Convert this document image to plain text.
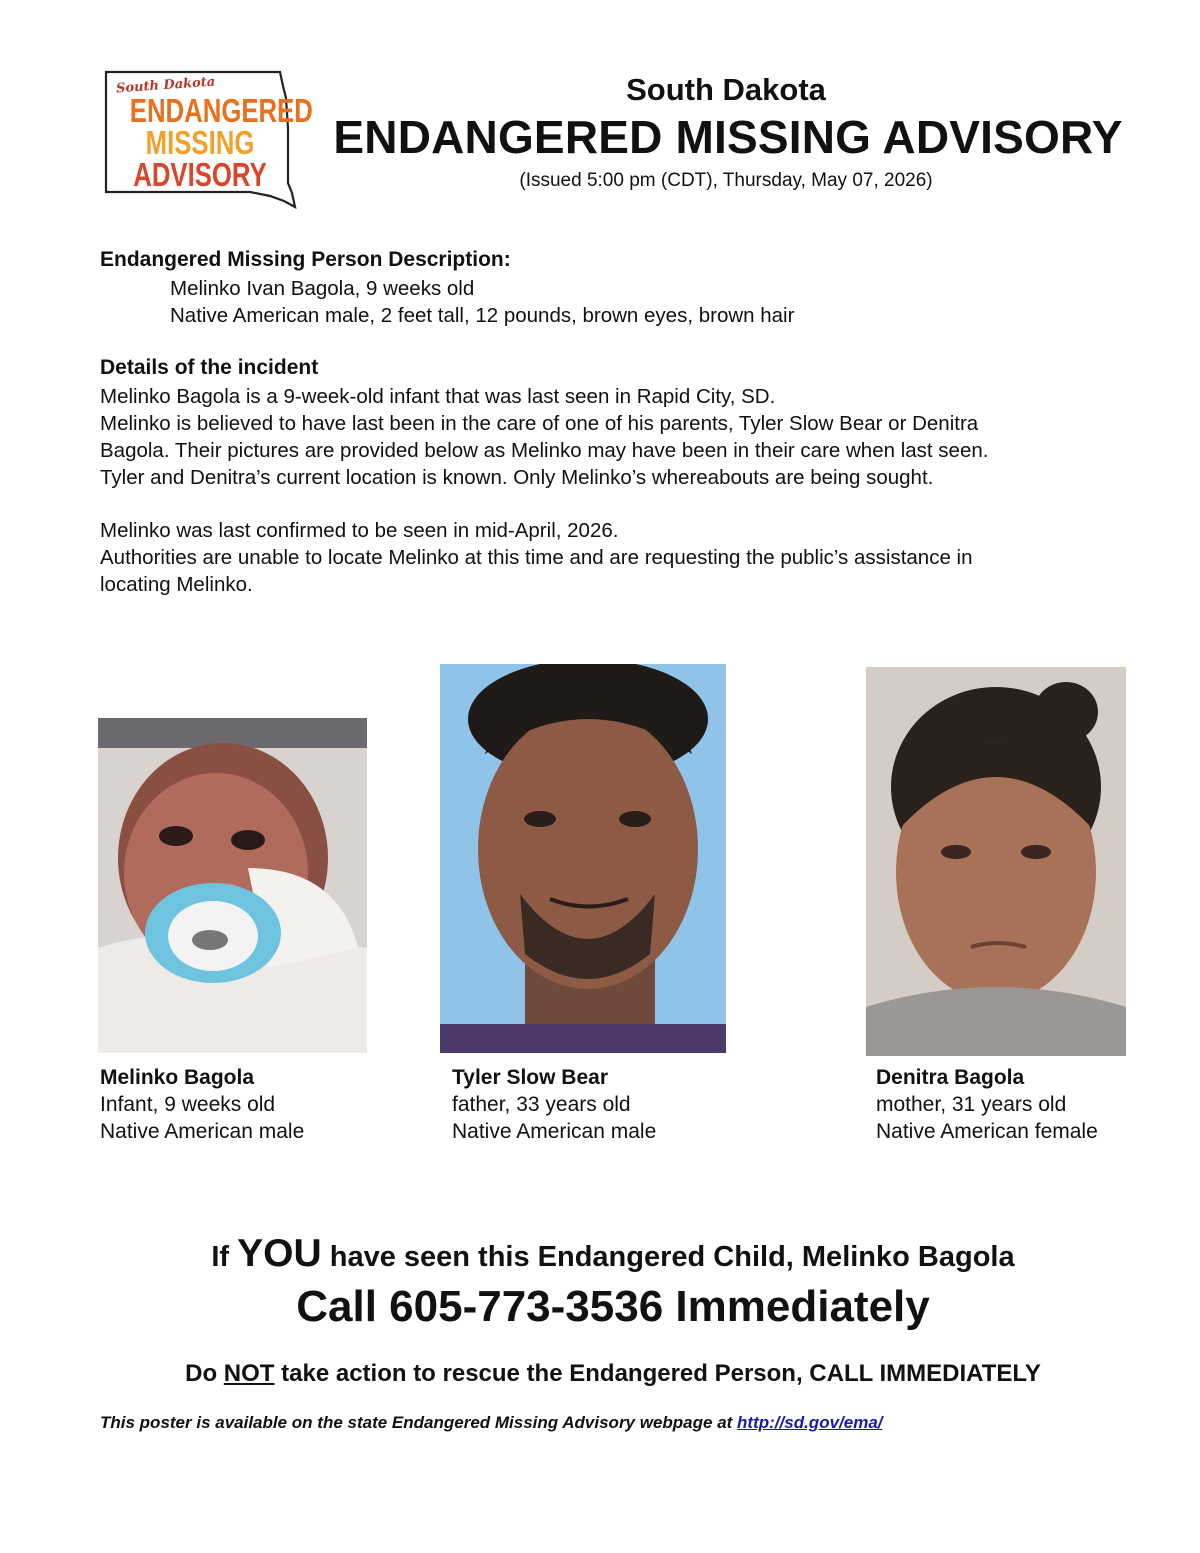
South Dakota
ENDANGERED
MISSING
ADVISORY
South Dakota
ENDANGERED MISSING ADVISORY
(Issued 5:00 pm (CDT), Thursday, May 07, 2026)
Endangered Missing Person Description:
Melinko Ivan Bagola, 9 weeks old
Native American male, 2 feet tall, 12 pounds, brown eyes, brown hair
Details of the incident
Melinko Bagola is a 9-week-old infant that was last seen in Rapid City, SD.
Melinko is believed to have last been in the care of one of his parents, Tyler Slow Bear or Denitra
Bagola. Their pictures are provided below as Melinko may have been in their care when last seen.
Tyler and Denitra’s current location is known. Only Melinko’s whereabouts are being sought.
Melinko was last confirmed to be seen in mid-April, 2026.
Authorities are unable to locate Melinko at this time and are requesting the public’s assistance in
locating Melinko.
Melinko Bagola
Infant, 9 weeks old
Native American male
Tyler Slow Bear
father, 33 years old
Native American male
Denitra Bagola
mother, 31 years old
Native American female
If YOU have seen this Endangered Child, Melinko Bagola
Call 605-773-3536 Immediately
Do NOT take action to rescue the Endangered Person, CALL IMMEDIATELY
This poster is available on the state Endangered Missing Advisory webpage at http://sd.gov/ema/
